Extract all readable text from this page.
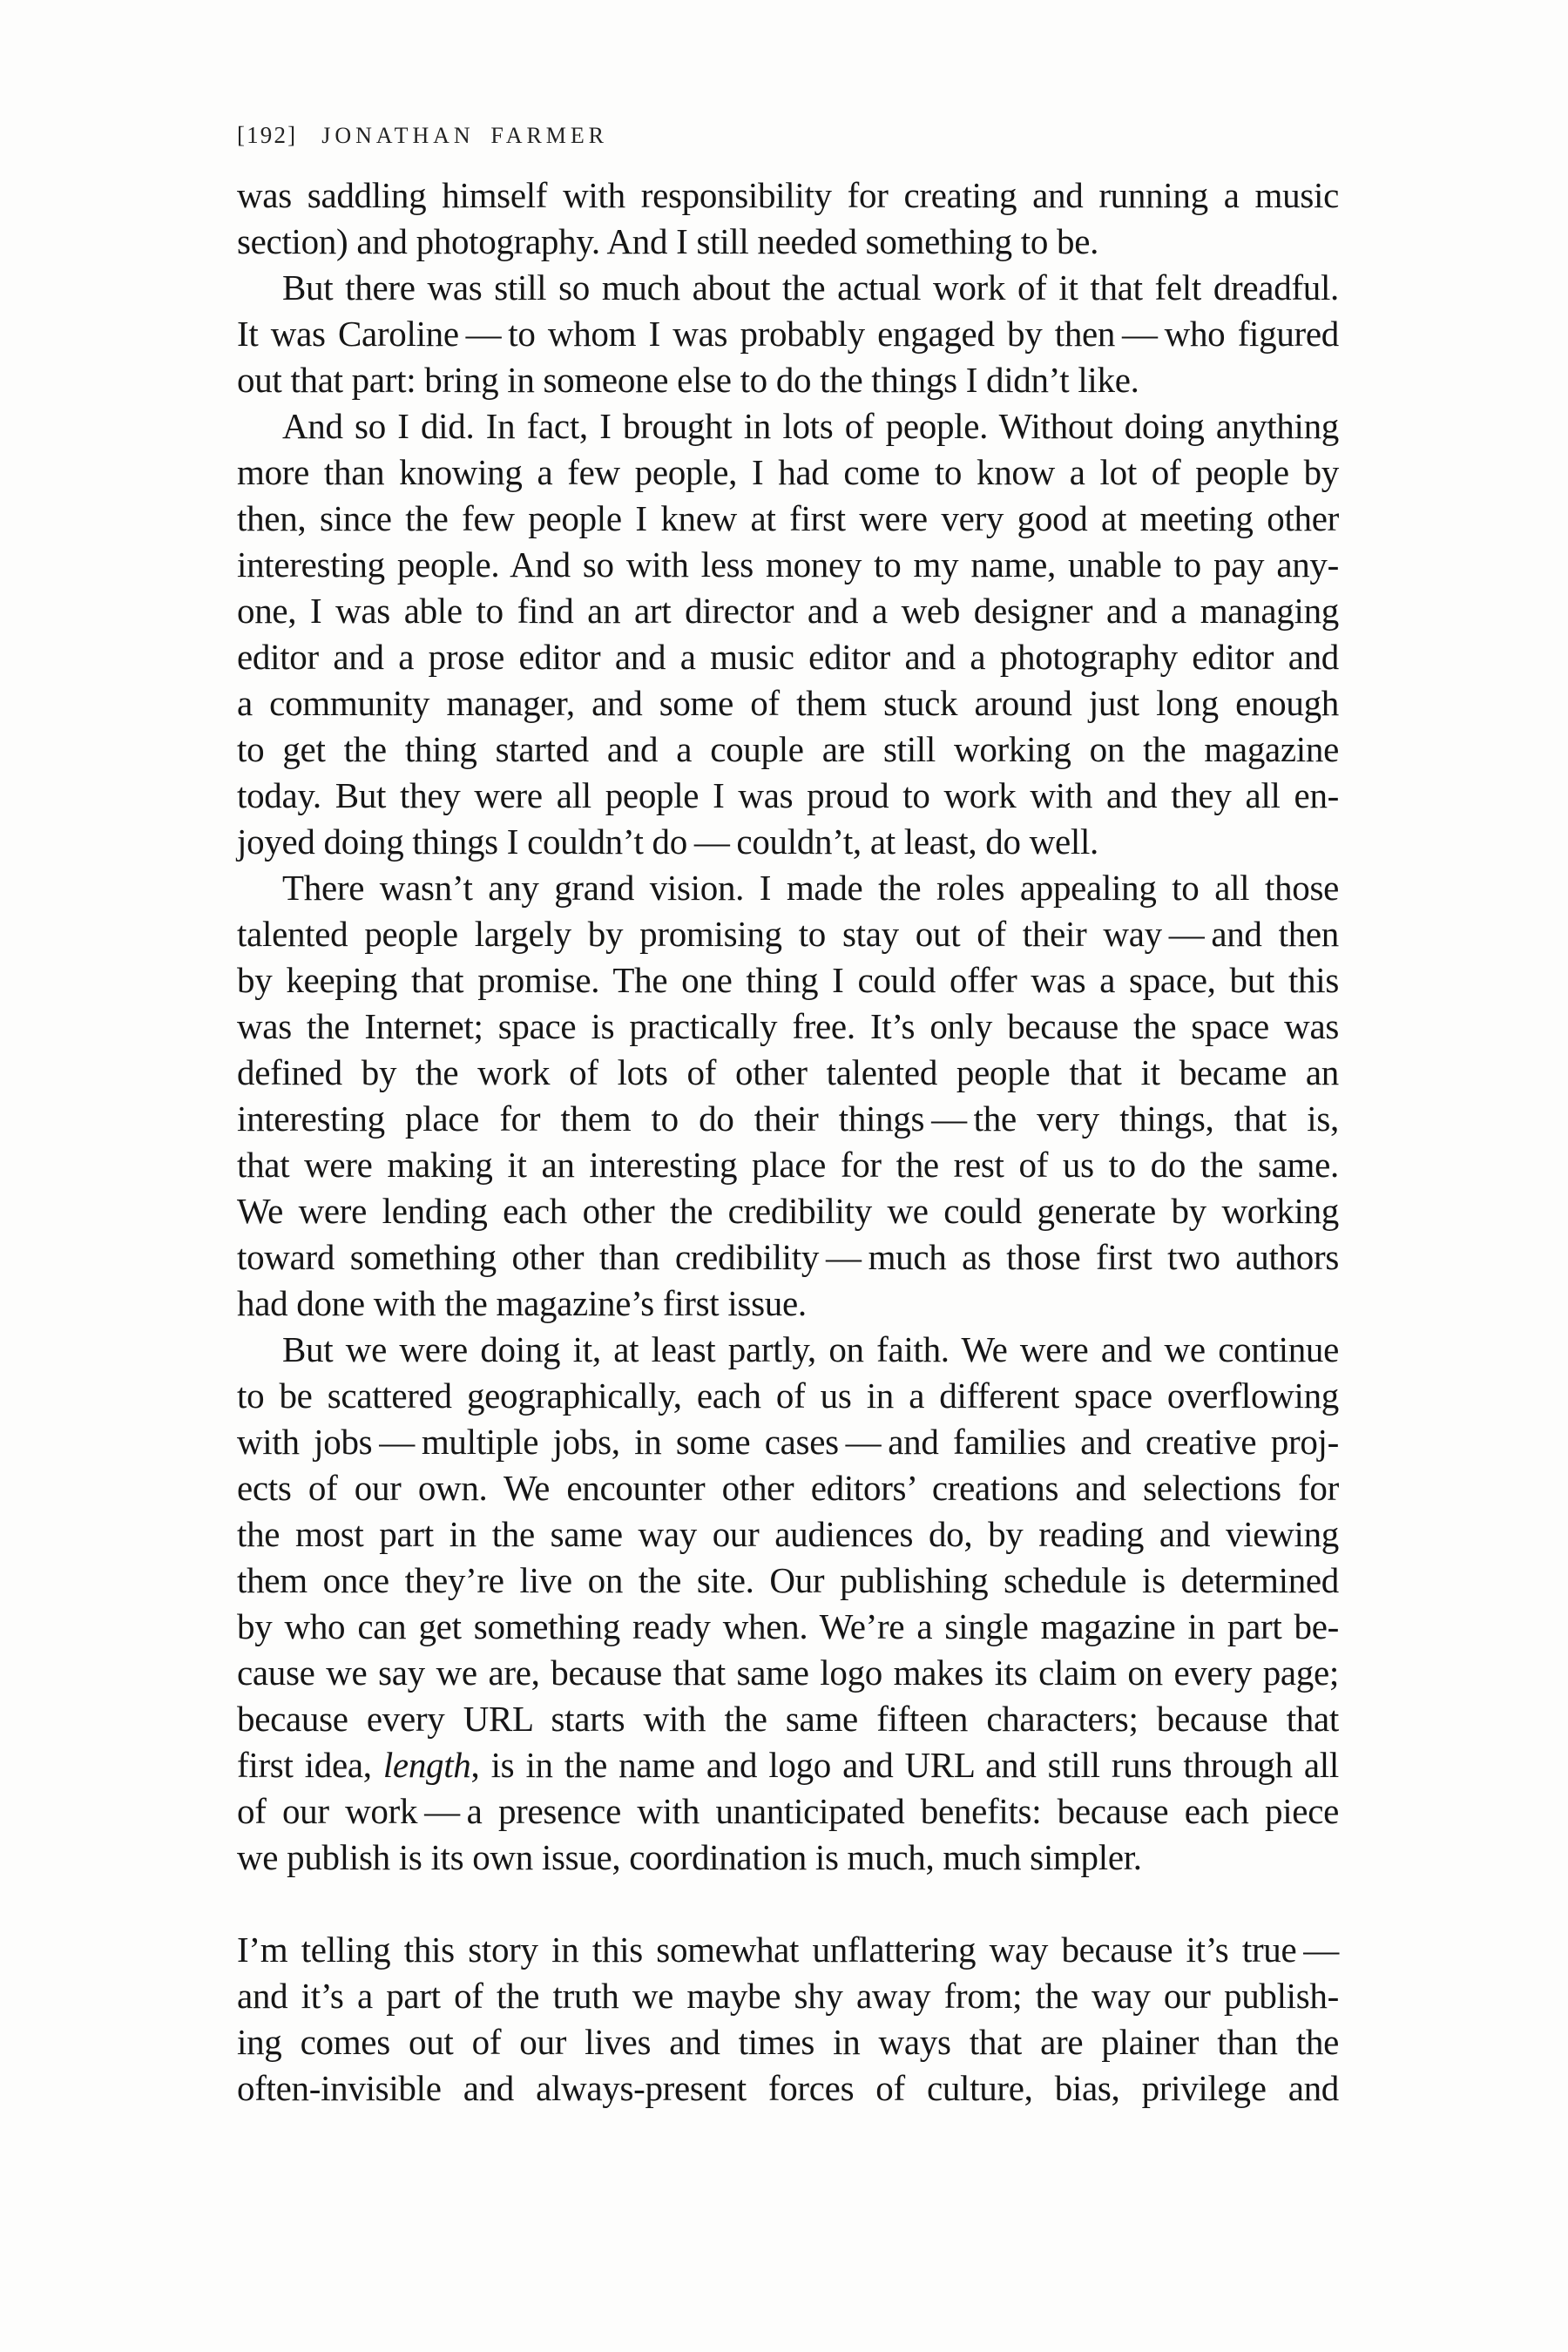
[192] JONATHAN FARMER
was saddling himself with responsibility for creating and running a music
section) and photography. And I still needed something to be.
But there was still so much about the actual work of it that felt dreadful.
It was Caroline — to whom I was probably engaged by then — who figured
out that part: bring in someone else to do the things I didn’t like.
And so I did. In fact, I brought in lots of people. Without doing anything
more than knowing a few people, I had come to know a lot of people by
then, since the few people I knew at first were very good at meeting other
interesting people. And so with less money to my name, unable to pay any-
one, I was able to find an art director and a web designer and a managing
editor and a prose editor and a music editor and a photography editor and
a community manager, and some of them stuck around just long enough
to get the thing started and a couple are still working on the magazine
today. But they were all people I was proud to work with and they all en-
joyed doing things I couldn’t do — couldn’t, at least, do well.
There wasn’t any grand vision. I made the roles appealing to all those
talented people largely by promising to stay out of their way — and then
by keeping that promise. The one thing I could offer was a space, but this
was the Internet; space is practically free. It’s only because the space was
defined by the work of lots of other talented people that it became an
interesting place for them to do their things — the very things, that is,
that were making it an interesting place for the rest of us to do the same.
We were lending each other the credibility we could generate by working
toward something other than credibility — much as those first two authors
had done with the magazine’s first issue.
But we were doing it, at least partly, on faith. We were and we continue
to be scattered geographically, each of us in a different space overflowing
with jobs — multiple jobs, in some cases — and families and creative proj-
ects of our own. We encounter other editors’ creations and selections for
the most part in the same way our audiences do, by reading and viewing
them once they’re live on the site. Our publishing schedule is determined
by who can get something ready when. We’re a single magazine in part be-
cause we say we are, because that same logo makes its claim on every page;
because every URL starts with the same fifteen characters; because that
first idea, length, is in the name and logo and URL and still runs through all
of our work — a presence with unanticipated benefits: because each piece
we publish is its own issue, coordination is much, much simpler.
I’m telling this story in this somewhat unflattering way because it’s true —
and it’s a part of the truth we maybe shy away from; the way our publish-
ing comes out of our lives and times in ways that are plainer than the
often-invisible and always-present forces of culture, bias, privilege and
